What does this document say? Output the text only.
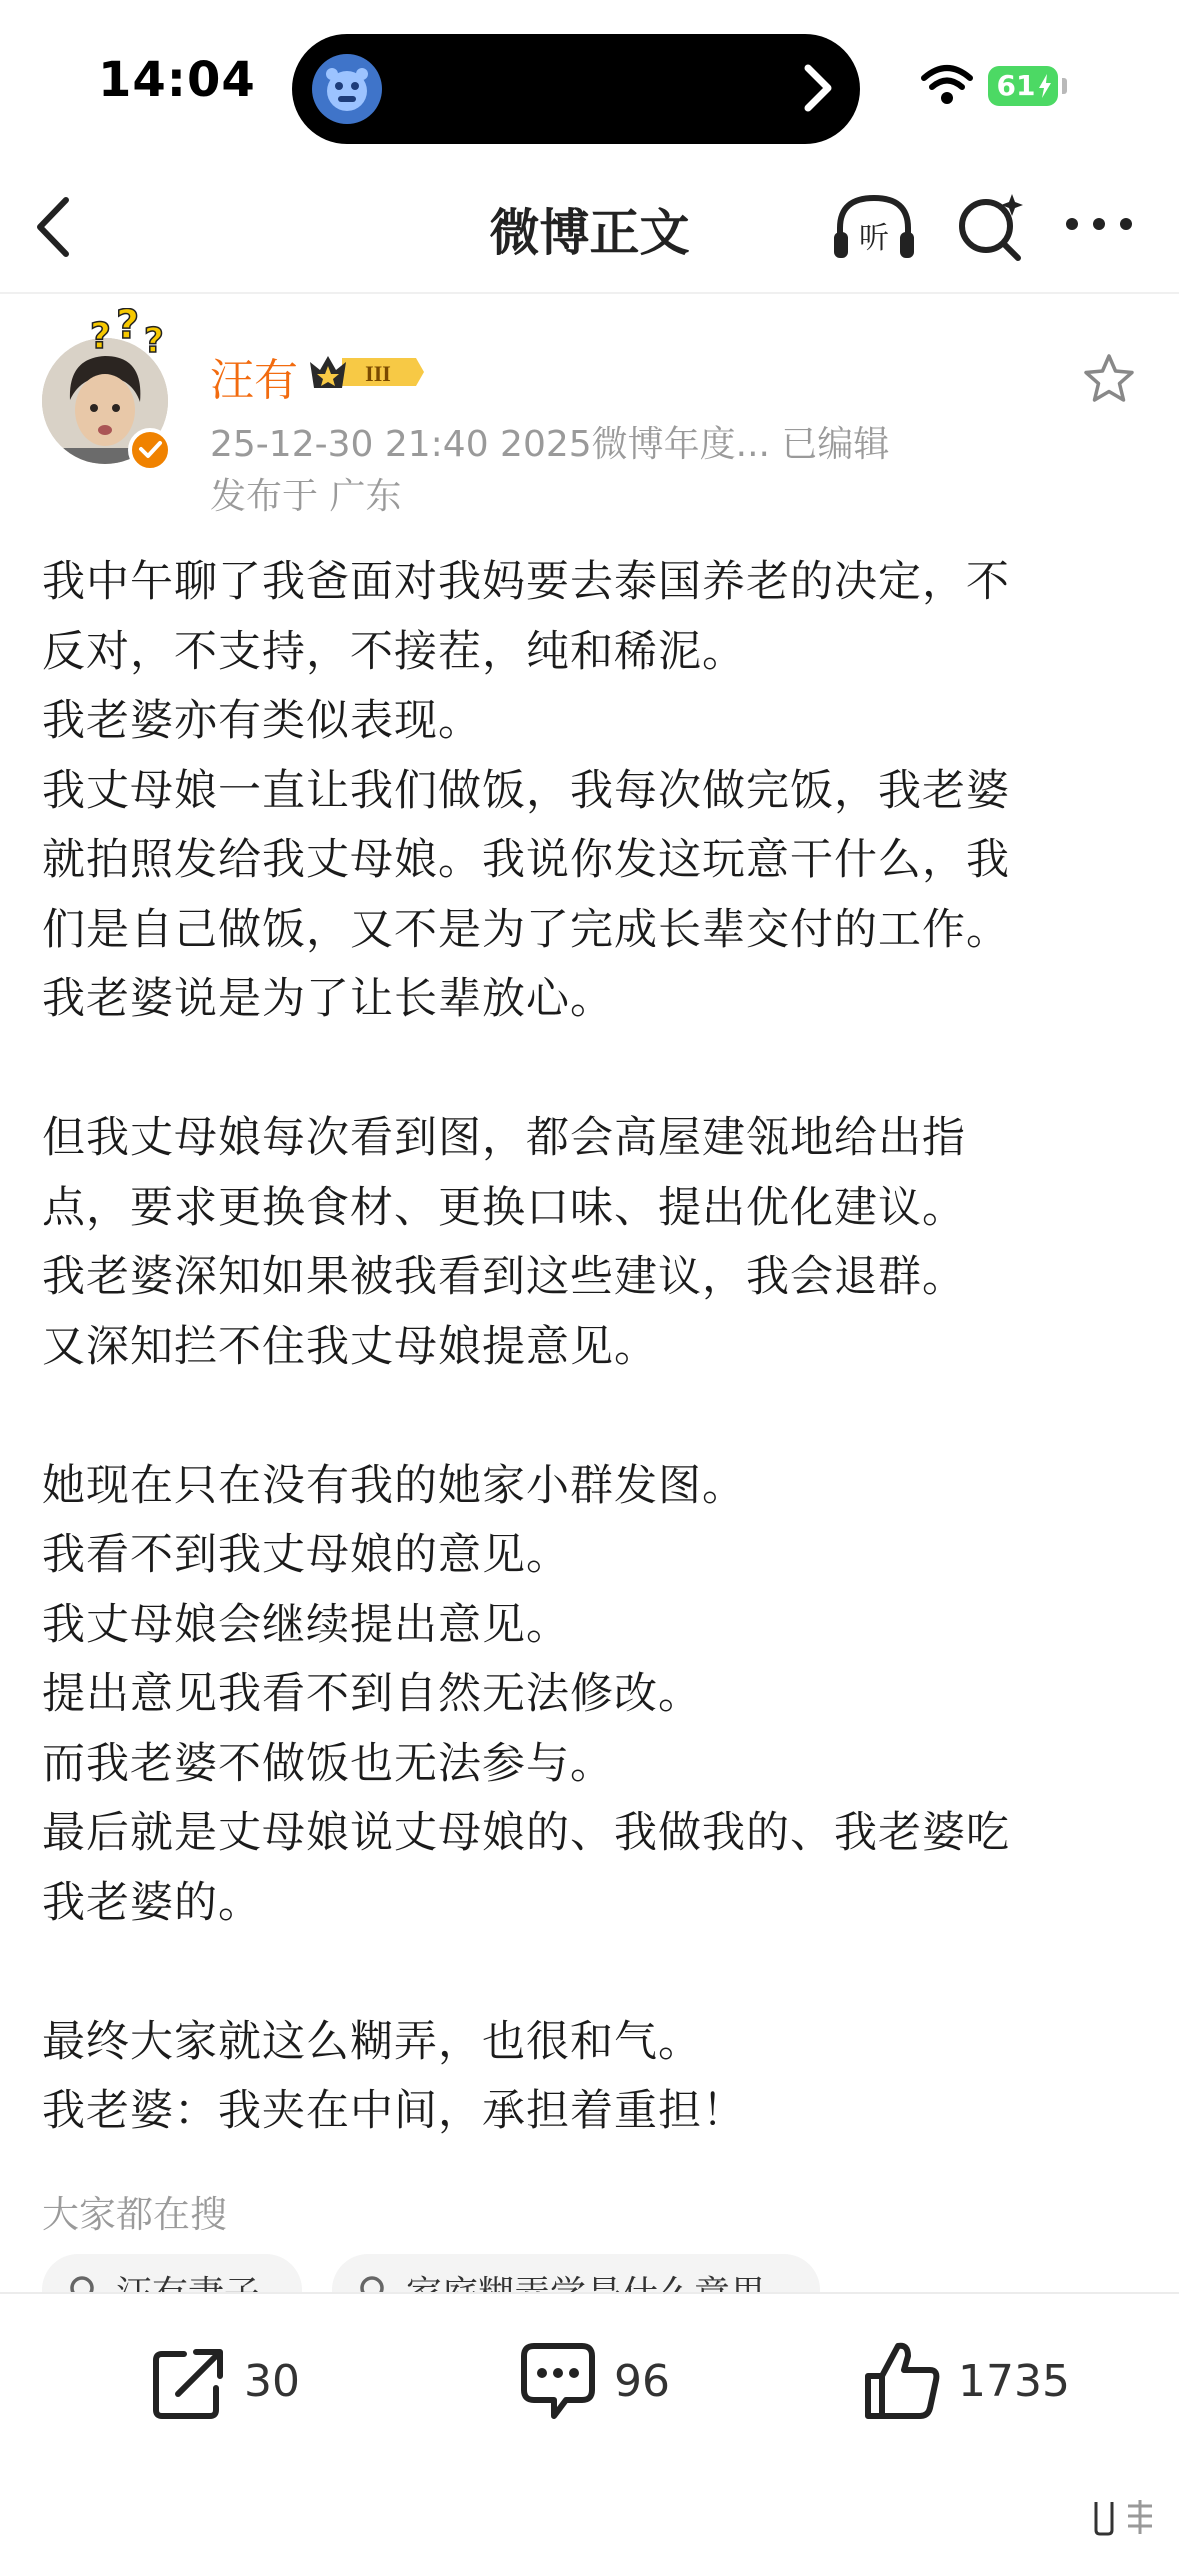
14:04	61
微博正文	听
? ? ?
汪有	III
25-12-30 21:40 2025微博年度... 已编辑
发布于 广东
我中午聊了我爸面对我妈要去泰国养老的决定，不
反对，不支持，不接茬，纯和稀泥。
我老婆亦有类似表现。
我丈母娘一直让我们做饭，我每次做完饭，我老婆
就拍照发给我丈母娘。我说你发这玩意干什么，我
们是自己做饭，又不是为了完成长辈交付的工作。
我老婆说是为了让长辈放心。

但我丈母娘每次看到图，都会高屋建瓴地给出指
点，要求更换食材、更换口味、提出优化建议。
我老婆深知如果被我看到这些建议，我会退群。
又深知拦不住我丈母娘提意见。

她现在只在没有我的她家小群发图。
我看不到我丈母娘的意见。
我丈母娘会继续提出意见。
提出意见我看不到自然无法修改。
而我老婆不做饭也无法参与。
最后就是丈母娘说丈母娘的、我做我的、我老婆吃
我老婆的。

最终大家就这么糊弄，也很和气。
我老婆：我夹在中间，承担着重担！
大家都在搜
30	96	1735
